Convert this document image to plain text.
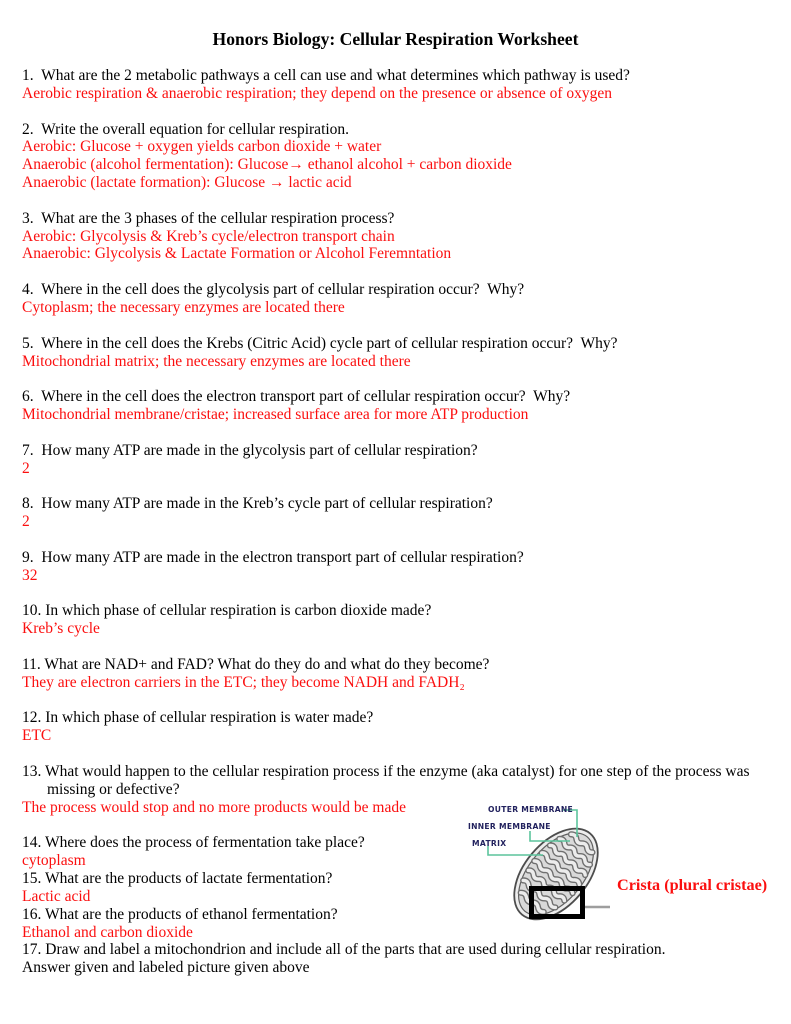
Honors Biology: Cellular Respiration Worksheet
1.  What are the 2 metabolic pathways a cell can use and what determines which pathway is used?
Aerobic respiration & anaerobic respiration; they depend on the presence or absence of oxygen
2.  Write the overall equation for cellular respiration.
Aerobic: Glucose + oxygen yields carbon dioxide + water
Anaerobic (alcohol fermentation): Glucose→ ethanol alcohol + carbon dioxide
Anaerobic (lactate formation): Glucose → lactic acid
3.  What are the 3 phases of the cellular respiration process?
Aerobic: Glycolysis & Kreb’s cycle/electron transport chain
Anaerobic: Glycolysis & Lactate Formation or Alcohol Feremntation
4.  Where in the cell does the glycolysis part of cellular respiration occur?  Why?
Cytoplasm; the necessary enzymes are located there
5.  Where in the cell does the Krebs (Citric Acid) cycle part of cellular respiration occur?  Why?
Mitochondrial matrix; the necessary enzymes are located there
6.  Where in the cell does the electron transport part of cellular respiration occur?  Why?
Mitochondrial membrane/cristae; increased surface area for more ATP production
7.  How many ATP are made in the glycolysis part of cellular respiration?
2
8.  How many ATP are made in the Kreb’s cycle part of cellular respiration?
2
9.  How many ATP are made in the electron transport part of cellular respiration?
32
10. In which phase of cellular respiration is carbon dioxide made?
Kreb’s cycle
11. What are NAD+ and FAD? What do they do and what do they become?
They are electron carriers in the ETC; they become NADH and FADH₂
12. In which phase of cellular respiration is water made?
ETC
13. What would happen to the cellular respiration process if the enzyme (aka catalyst) for one step of the process was
missing or defective?
The process would stop and no more products would be made
14. Where does the process of fermentation take place?
cytoplasm
15. What are the products of lactate fermentation?
Lactic acid
16. What are the products of ethanol fermentation?
Ethanol and carbon dioxide
17. Draw and label a mitochondrion and include all of the parts that are used during cellular respiration.
Answer given and labeled picture given above
OUTER MEMBRANE
INNER MEMBRANE
MATRIX
Crista (plural cristae)
